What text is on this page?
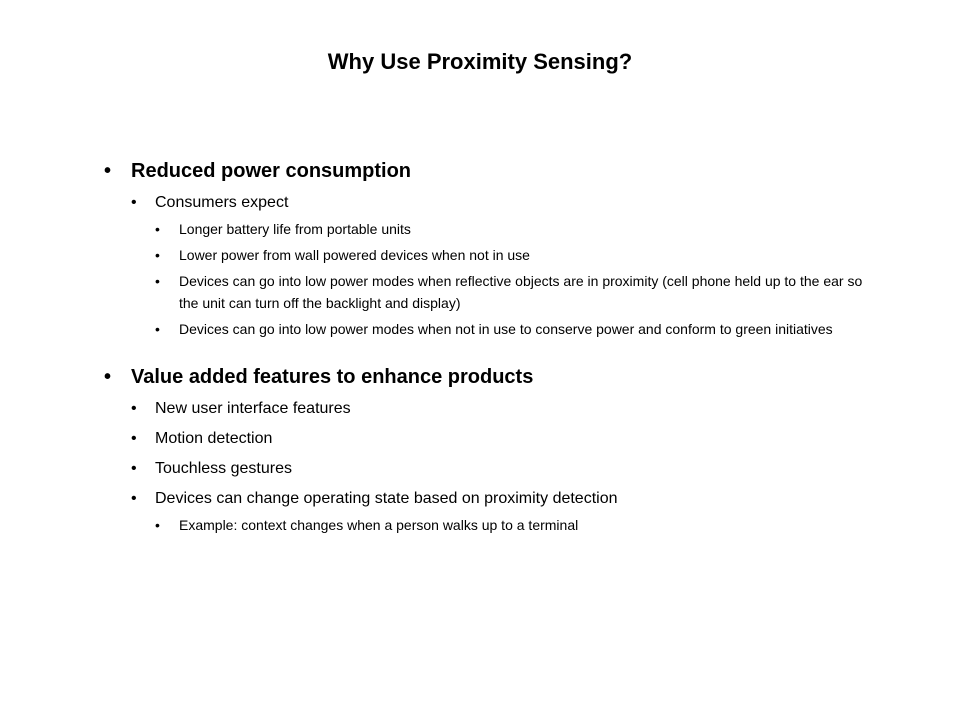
Why Use Proximity Sensing?
• Reduced power consumption
• Consumers expect
• Longer battery life from portable units
• Lower power from wall powered devices when not in use
• Devices can go into low power modes when reflective objects are in proximity (cell phone held up to the ear so the unit can turn off the backlight and display)
• Devices can go into low power modes when not in use to conserve power and conform to green initiatives
• Value added features to enhance products
• New user interface features
• Motion detection
• Touchless gestures
• Devices can change operating state based on proximity detection
• Example: context changes when a person walks up to a terminal
